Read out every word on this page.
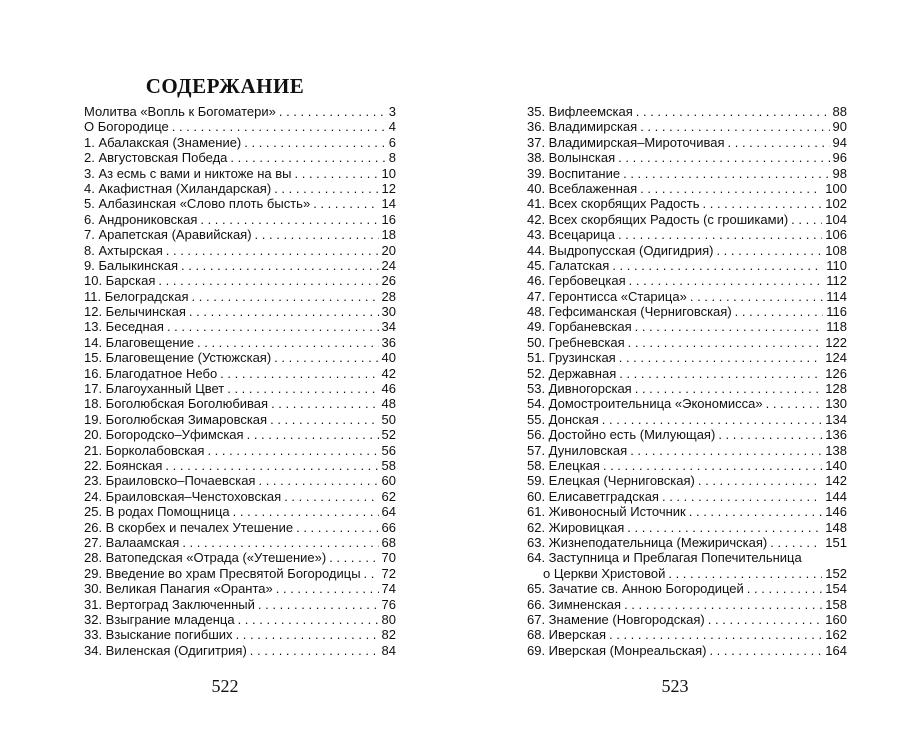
СОДЕРЖАНИЕ
Молитва «Вопль к Богоматери» . . .	3
О Богородице . . .	4
1. Абалакская (Знамение) . . .	6
2. Августовская Победа . . .	8
3. Аз есмь с вами и никтоже на вы . . .	10
4. Акафистная (Хиландарская) . . .	12
5. Албазинская «Слово плоть бысть» . . .	14
6. Андрониковская . . .	16
7. Арапетская (Аравийская) . . .	18
8. Ахтырская . . .	20
9. Балыкинская . . .	24
10. Барская . . .	26
11. Белоградская . . .	28
12. Белычинская . . .	30
13. Беседная . . .	34
14. Благовещение . . .	36
15. Благовещение (Устюжская) . . .	40
16. Благодатное Небо . . .	42
17. Благоуханный Цвет . . .	46
18. Боголюбская Боголюбивая . . .	48
19. Боголюбская Зимаровская . . .	50
20. Богородско–Уфимская . . .	52
21. Борколабовская . . .	56
22. Боянская . . .	58
23. Браиловско–Почаевская . . .	60
24. Браиловская–Ченстоховская . . .	62
25. В родах Помощница . . .	64
26. В скорбех и печалех Утешение . . .	66
27. Валаамская . . .	68
28. Ватопедская «Отрада («Утешение») . . .	70
29. Введение во храм Пресвятой Богородицы . . . 72
30. Великая Панагия «Оранта» . . .	74
31. Вертоград Заключенный . . .	76
32. Взыграние младенца . . .	80
33. Взыскание погибших . . .	82
34. Виленская (Одигитрия) . . .	84
522
35. Вифлеемская . . .	88
36. Владимирская . . .	90
37. Владимирская–Мироточивая . . .	94
38. Волынская . . .	96
39. Воспитание . . .	98
40. Всеблаженная . . .	100
41. Всех скорбящих Радость . . .	102
42. Всех скорбящих Радость (с грошиками) . . .	104
43. Всецарица . . .	106
44. Выдропусская (Одигидрия) . . .	108
45. Галатская . . .	110
46. Гербовецкая . . .	112
47. Геронтисса «Старица» . . .	114
48. Гефсиманская (Черниговская) . . .	116
49. Горбаневская . . .	118
50. Гребневская . . .	122
51. Грузинская . . .	124
52. Державная . . .	126
53. Дивногорская . . .	128
54. Домостроительница «Экономисса» . . .	130
55. Донская . . .	134
56. Достойно есть (Милующая) . . .	136
57. Дуниловская . . .	138
58. Елецкая . . .	140
59. Елецкая (Черниговская) . . .	142
60. Елисаветградская . . .	144
61. Живоносный Источник . . .	146
62. Жировицкая . . .	148
63. Жизнеподательница (Межиричская) . . .	151
64. Заступница и Преблагая Попечительница
о Церкви Христовой . . .	152
65. Зачатие св. Анною Богородицей . . .	154
66. Зимненская . . .	158
67. Знамение (Новгородская) . . .	160
68. Иверская . . .	162
69. Иверская (Монреальская) . . .	164
523
